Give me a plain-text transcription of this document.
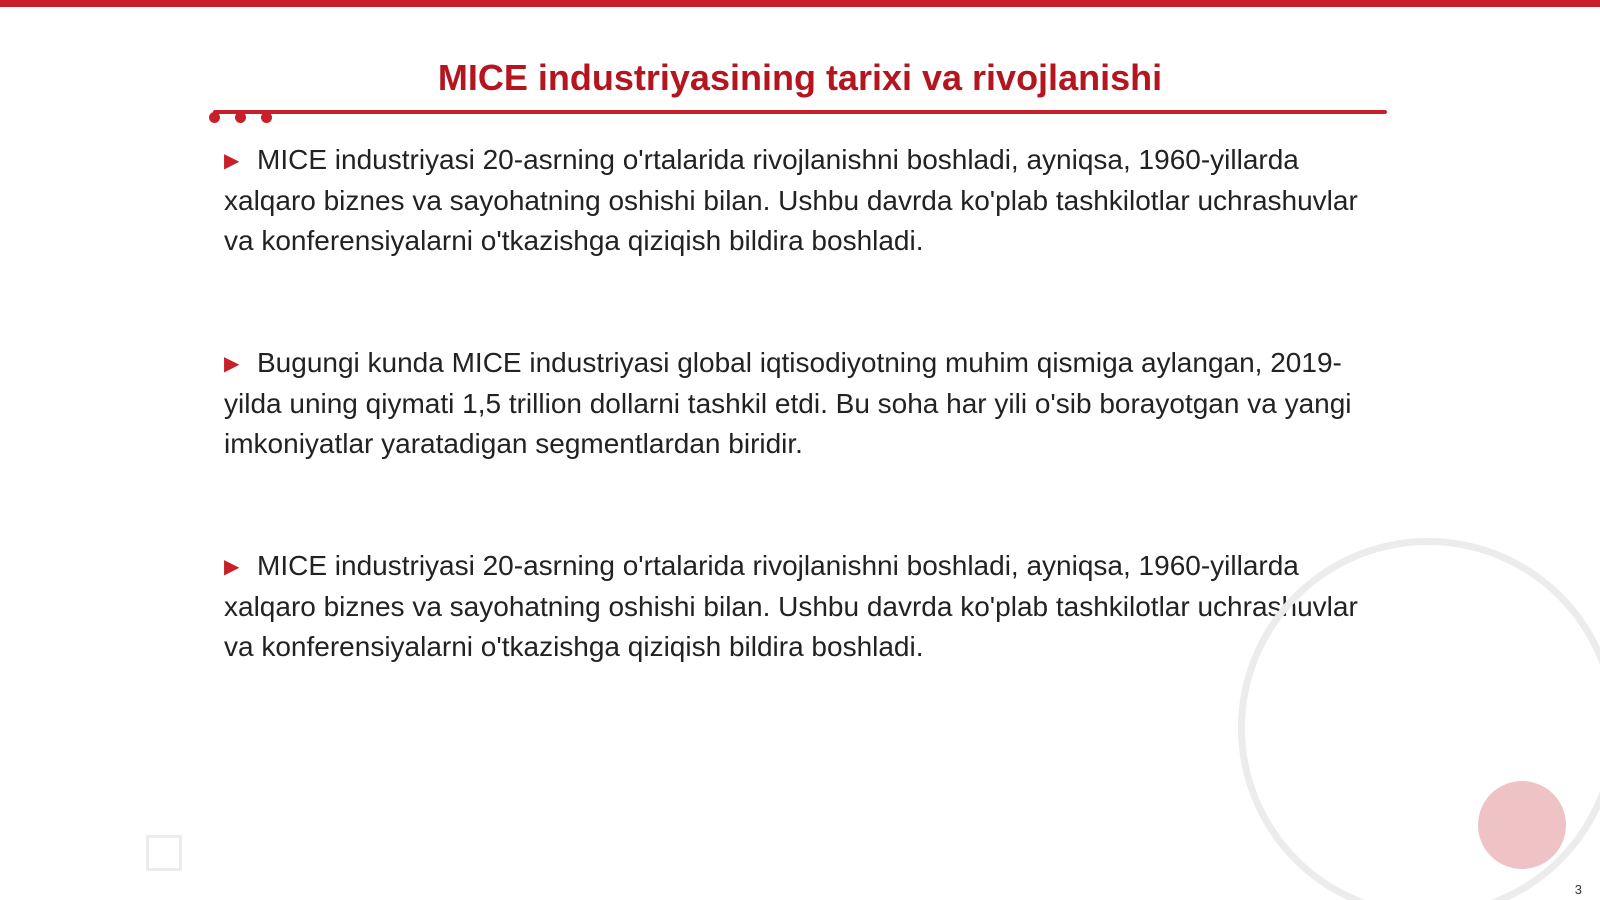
MICE industriyasining tarixi va rivojlanishi
▶ MICE industriyasi 20-asrning o'rtalarida rivojlanishni boshladi, ayniqsa, 1960-yillarda xalqaro biznes va sayohatning oshishi bilan. Ushbu davrda ko'plab tashkilotlar uchrashuvlar va konferensiyalarni o'tkazishga qiziqish bildira boshladi.
▶ Bugungi kunda MICE industriyasi global iqtisodiyotning muhim qismiga aylangan, 2019-yilda uning qiymati 1,5 trillion dollarni tashkil etdi. Bu soha har yili o'sib borayotgan va yangi imkoniyatlar yaratadigan segmentlardan biridir.
▶ MICE industriyasi 20-asrning o'rtalarida rivojlanishni boshladi, ayniqsa, 1960-yillarda xalqaro biznes va sayohatning oshishi bilan. Ushbu davrda ko'plab tashkilotlar uchrashuvlar va konferensiyalarni o'tkazishga qiziqish bildira boshladi.
3
